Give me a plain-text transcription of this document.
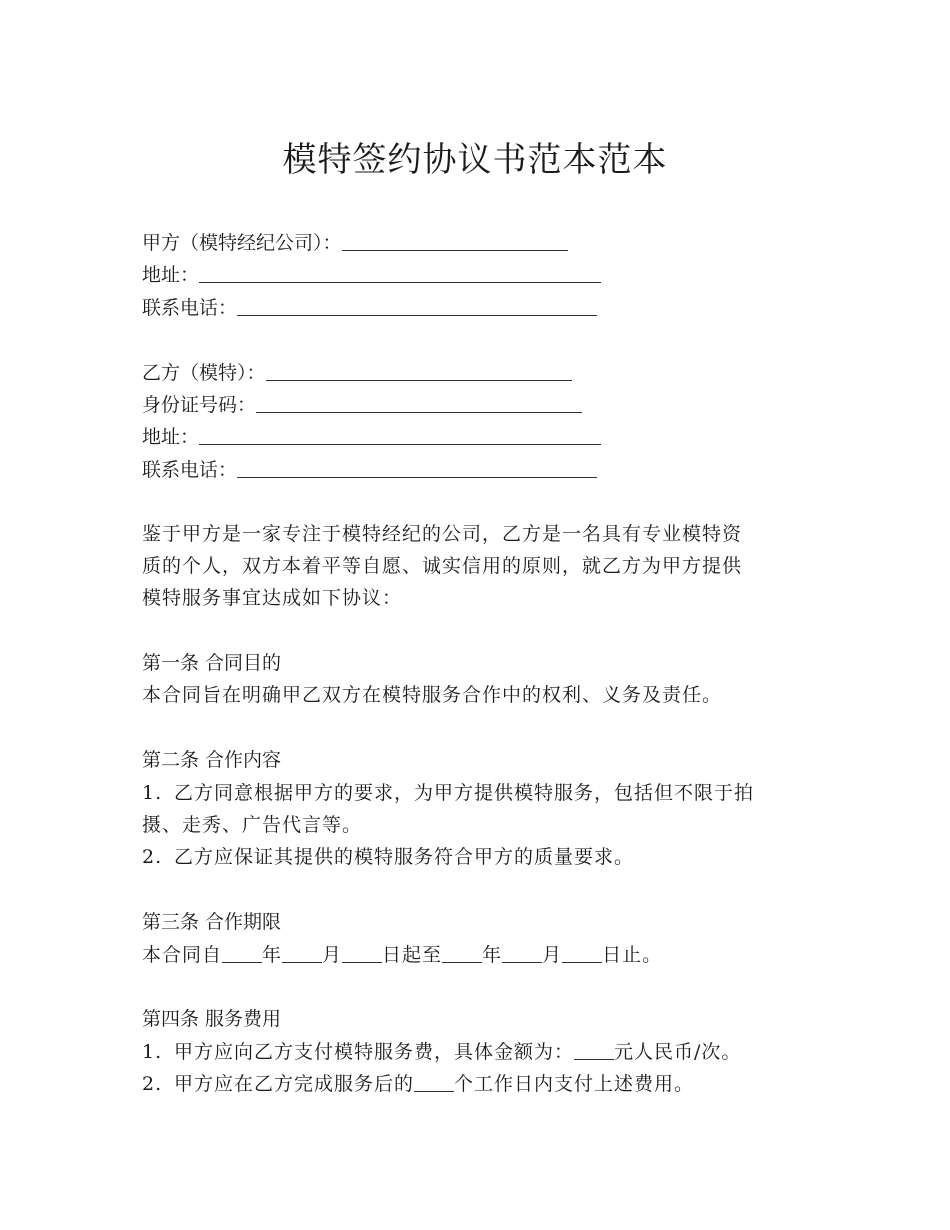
模特签约协议书范本范本
甲方（模特经纪公司）：
地址：
联系电话：
乙方（模特）：
身份证号码：
地址：
联系电话：
鉴于甲方是一家专注于模特经纪的公司，乙方是一名具有专业模特资
质的个人，双方本着平等自愿、诚实信用的原则，就乙方为甲方提供
模特服务事宜达成如下协议：
第一条 合同目的
本合同旨在明确甲乙双方在模特服务合作中的权利、义务及责任。
第二条 合作内容
1. 乙方同意根据甲方的要求，为甲方提供模特服务，包括但不限于拍
摄、走秀、广告代言等。
2. 乙方应保证其提供的模特服务符合甲方的质量要求。
第三条 合作期限
本合同自 年 月 日起至 年 月 日止。
第四条 服务费用
1. 甲方应向乙方支付模特服务费，具体金额为： 元人民币/次。
2. 甲方应在乙方完成服务后的 个工作日内支付上述费用。
